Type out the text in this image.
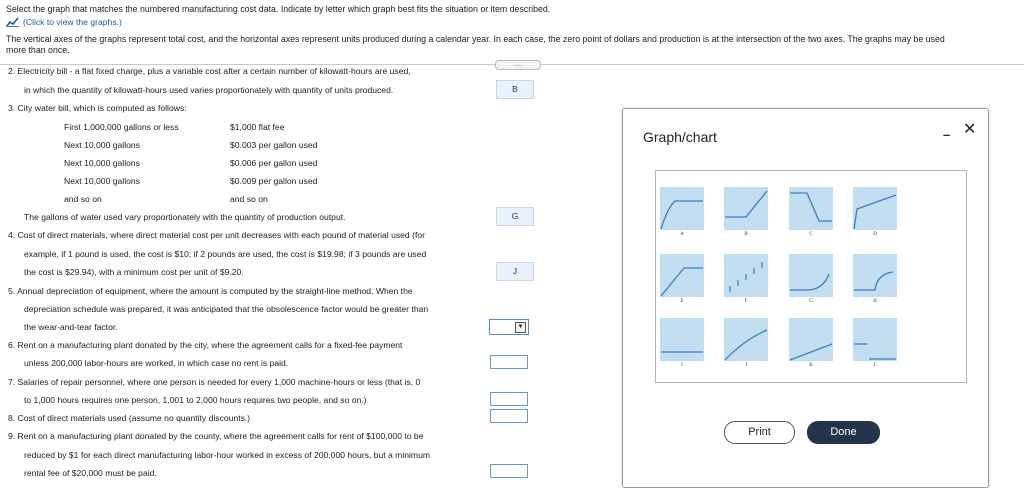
Select the graph that matches the numbered manufacturing cost data. Indicate by letter which graph best fits the situation or item described.
(Click to view the graphs.)
The vertical axes of the graphs represent total cost, and the horizontal axes represent units produced during a calendar year. In each case, the zero point of dollars and production is at the intersection of the two axes. The graphs may be used
more than once.
.....
2. Electricity bill - a flat fixed charge, plus a variable cost after a certain number of kilowatt-hours are used,
in which the quantity of kilowatt-hours used varies proportionately with quantity of units produced.	B
3. City water bill, which is computed as follows:
First 1,000,000 gallons or less	$1,000 flat fee
Next 10,000 gallons	$0.003 per gallon used
Next 10,000 gallons	$0.006 per gallon used
Next 10,000 gallons	$0.009 per gallon used
and so on	and so on
The gallons of water used vary proportionately with the quantity of production output.	G
4. Cost of direct materials, where direct material cost per unit decreases with each pound of material used (for
example, if 1 pound is used, the cost is $10; if 2 pounds are used, the cost is $19.98; if 3 pounds are used
the cost is $29.94), with a minimum cost per unit of $9.20.	J
5. Annual depreciation of equipment, where the amount is computed by the straight-line method. When the
depreciation schedule was prepared, it was anticipated that the obsolescence factor would be greater than
the wear-and-tear factor.	▼
6. Rent on a manufacturing plant donated by the city, where the agreement calls for a fixed-fee payment
unless 200,000 labor-hours are worked, in which case no rent is paid.
7. Salaries of repair personnel, where one person is needed for every 1,000 machine-hours or less (that is, 0
to 1,000 hours requires one person, 1,001 to 2,000 hours requires two people, and so on.)
8. Cost of direct materials used (assume no quantity discounts.)
9. Rent on a manufacturing plant donated by the county, where the agreement calls for rent of $100,000 to be
reduced by $1 for each direct manufacturing labor-hour worked in excess of 200,000 hours, but a minimum
rental fee of $20,000 must be paid.
Graph/chart	– ✕
A	B	C	D
E	F	G	H
I	J	K	L
Print	Done
